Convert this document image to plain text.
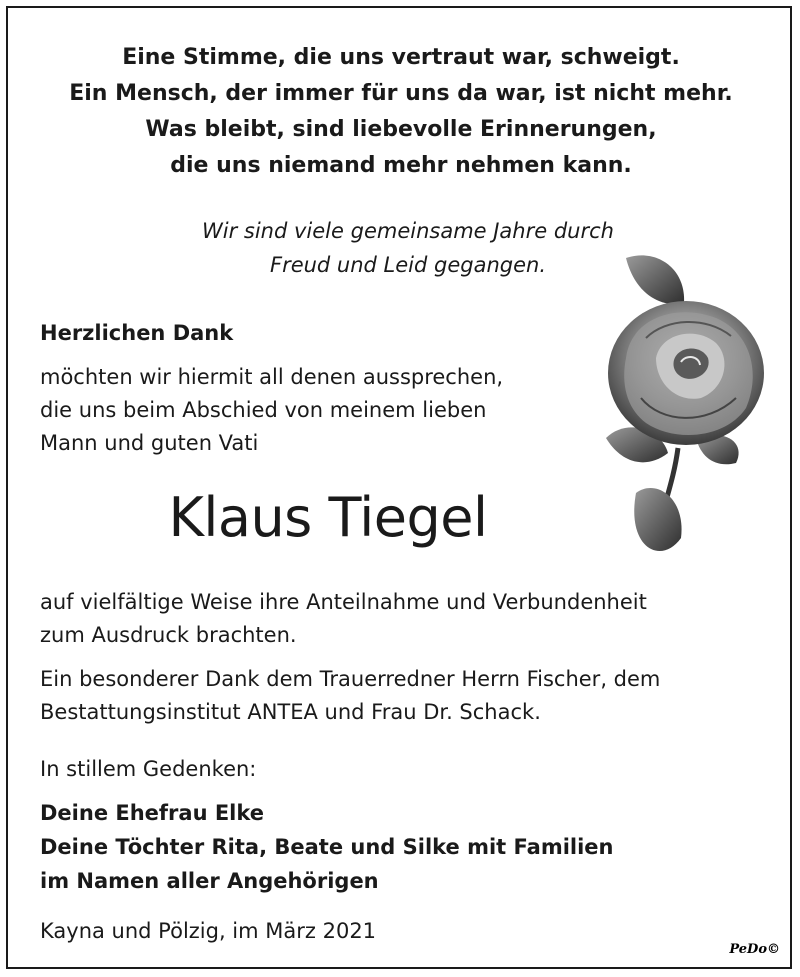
Eine Stimme, die uns vertraut war, schweigt.
Ein Mensch, der immer für uns da war, ist nicht mehr.
Was bleibt, sind liebevolle Erinnerungen,
die uns niemand mehr nehmen kann.
Wir sind viele gemeinsame Jahre durch
Freud und Leid gegangen.
Herzlichen Dank
möchten wir hiermit all denen aussprechen,
die uns beim Abschied von meinem lieben
Mann und guten Vati
Klaus Tiegel
auf vielfältige Weise ihre Anteilnahme und Verbundenheit
zum Ausdruck brachten.
Ein besonderer Dank dem Trauerredner Herrn Fischer, dem
Bestattungsinstitut ANTEA und Frau Dr. Schack.
In stillem Gedenken:
Deine Ehefrau Elke
Deine Töchter Rita, Beate und Silke mit Familien
im Namen aller Angehörigen
Kayna und Pölzig, im März 2021
PeDo©
